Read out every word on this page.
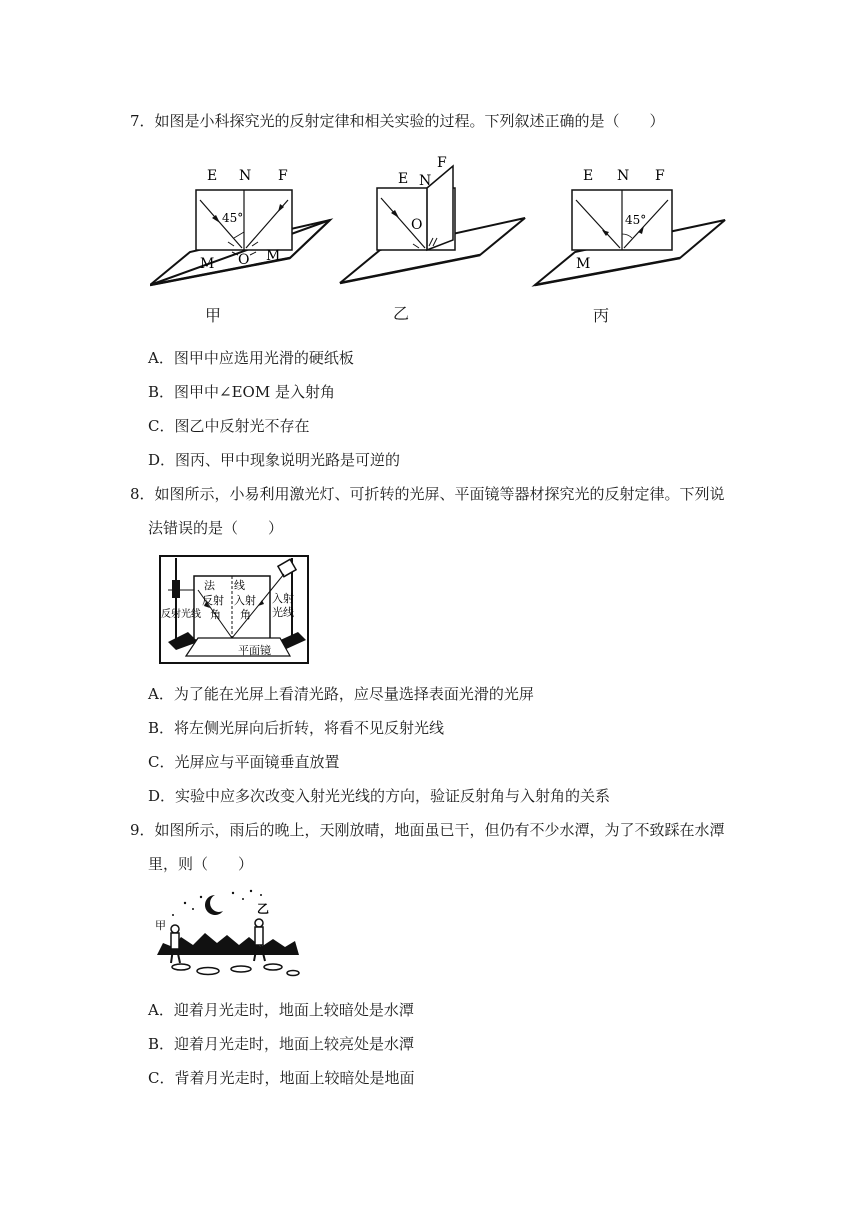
7．如图是小科探究光的反射定律和相关实验的过程。下列叙述正确的是（　　）
E N F
45°
M O M
甲
E N
F
O
乙
E N F
45°
M
丙
A．图甲中应选用光滑的硬纸板
B．图甲中∠EOM 是入射角
C．图乙中反射光不存在
D．图丙、甲中现象说明光路是可逆的
8．如图所示，小易利用激光灯、可折转的光屏、平面镜等器材探究光的反射定律。下列说
法错误的是（　　）
法 线
反射
角
入射
角
反射光线
入射
光线
平面镜
A．为了能在光屏上看清光路，应尽量选择表面光滑的光屏
B．将左侧光屏向后折转，将看不见反射光线
C．光屏应与平面镜垂直放置
D．实验中应多次改变入射光光线的方向，验证反射角与入射角的关系
9．如图所示，雨后的晚上，天刚放晴，地面虽已干，但仍有不少水潭，为了不致踩在水潭
里，则（　　）
甲
乙
A．迎着月光走时，地面上较暗处是水潭
B．迎着月光走时，地面上较亮处是水潭
C．背着月光走时，地面上较暗处是地面
